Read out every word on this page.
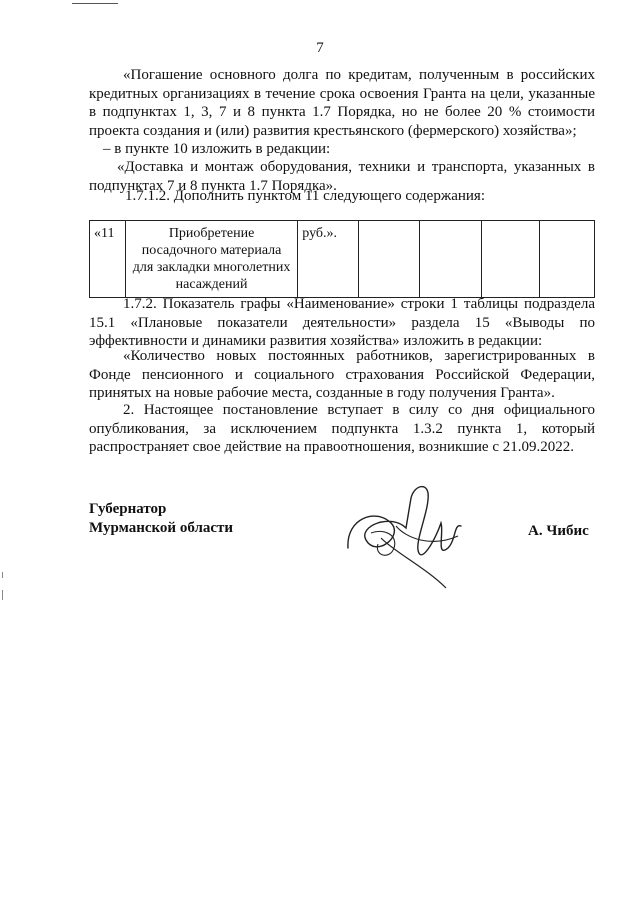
7

«Погашение основного долга по кредитам, полученным в российских кредитных организациях в течение срока освоения Гранта на цели, указанные в подпунктах 1, 3, 7 и 8 пункта 1.7 Порядка, но не более 20 % стоимости проекта создания и (или) развития крестьянского (фермерского) хозяйства»;

– в пункте 10 изложить в редакции:

«Доставка и монтаж оборудования, техники и транспорта, указанных в подпунктах 7 и 8 пункта 1.7 Порядка».

1.7.1.2. Дополнить пунктом 11 следующего содержания:

«11	Приобретение посадочного материала для закладки многолетних насаждений	руб.».				

1.7.2. Показатель графы «Наименование» строки 1 таблицы подраздела 15.1 «Плановые показатели деятельности» раздела 15 «Выводы по эффективности и динамики развития хозяйства» изложить в редакции:

«Количество новых постоянных работников, зарегистрированных в Фонде пенсионного и социального страхования Российской Федерации, принятых на новые рабочие места, созданные в году получения Гранта».

2. Настоящее постановление вступает в силу со дня официального опубликования, за исключением подпункта 1.3.2 пункта 1, который распространяет свое действие на правоотношения, возникшие с 21.09.2022.

Губернатор
Мурманской области	А. Чибис
